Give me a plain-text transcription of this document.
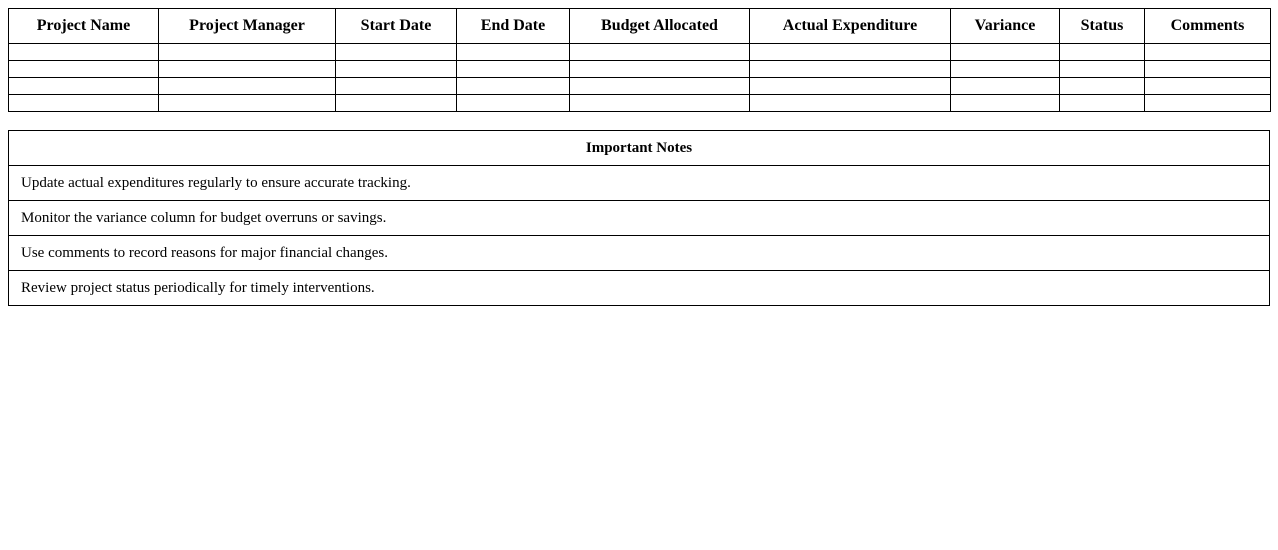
Project Name	Project Manager	Start Date	End Date	Budget Allocated	Actual Expenditure	Variance	Status	Comments

Important Notes
Update actual expenditures regularly to ensure accurate tracking.
Monitor the variance column for budget overruns or savings.
Use comments to record reasons for major financial changes.
Review project status periodically for timely interventions.
